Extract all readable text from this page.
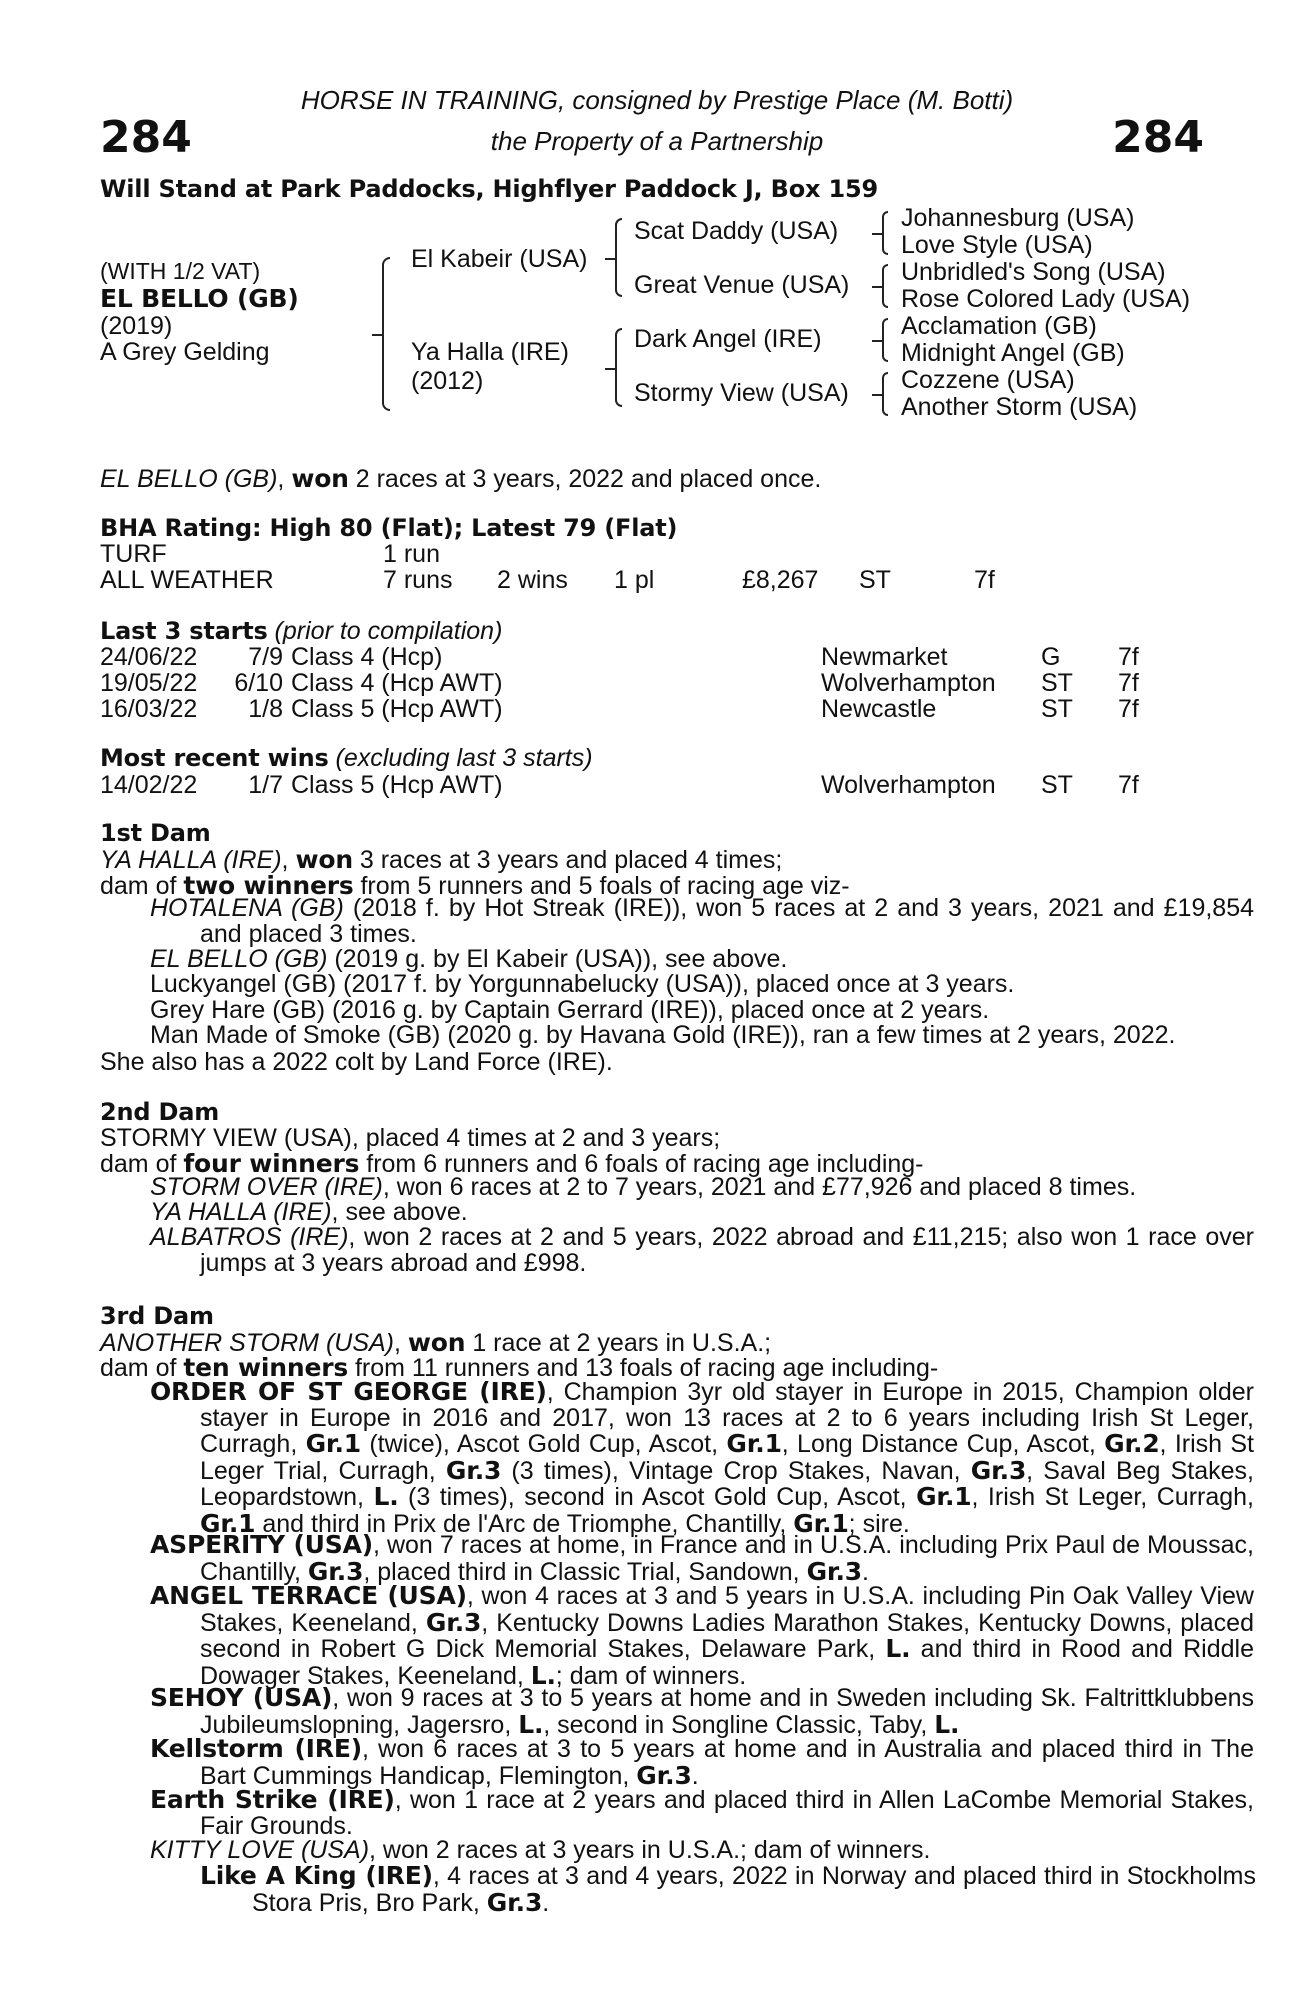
284	284
HORSE IN TRAINING, consigned by Prestige Place (M. Botti)
the Property of a Partnership
Will Stand at Park Paddocks, Highflyer Paddock J, Box 159
(WITH 1/2 VAT)
EL BELLO (GB)
(2019)
A Grey Gelding
El Kabeir (USA)
Ya Halla (IRE)
(2012)
Scat Daddy (USA)
Great Venue (USA)
Dark Angel (IRE)
Stormy View (USA)
Johannesburg (USA)
Love Style (USA)
Unbridled's Song (USA)
Rose Colored Lady (USA)
Acclamation (GB)
Midnight Angel (GB)
Cozzene (USA)
Another Storm (USA)
EL BELLO (GB), won 2 races at 3 years, 2022 and placed once.
BHA Rating: High 80 (Flat); Latest 79 (Flat)
TURF	1 run
ALL WEATHER	7 runs 2 wins 1 pl	£8,267 ST	7f
Last 3 starts (prior to compilation)
24/06/22	7/9 Class 4 (Hcp)	Newmarket	G 7f
19/05/22	6/10 Class 4 (Hcp AWT)	Wolverhampton ST 7f
16/03/22	1/8 Class 5 (Hcp AWT)	Newcastle	ST 7f
Most recent wins (excluding last 3 starts)
14/02/22	1/7 Class 5 (Hcp AWT)	Wolverhampton ST 7f
1st Dam
YA HALLA (IRE), won 3 races at 3 years and placed 4 times;
dam of two winners from 5 runners and 5 foals of racing age viz-

HOTALENA (GB) (2018 f. by Hot Streak (IRE)), won 5 races at 2 and 3 years, 2021 and £19,854 and placed 3 times.

EL BELLO (GB) (2019 g. by El Kabeir (USA)), see above.

Luckyangel (GB) (2017 f. by Yorgunnabelucky (USA)), placed once at 3 years.

Grey Hare (GB) (2016 g. by Captain Gerrard (IRE)), placed once at 2 years.

Man Made of Smoke (GB) (2020 g. by Havana Gold (IRE)), ran a few times at 2 years, 2022.

She also has a 2022 colt by Land Force (IRE).
2nd Dam
STORMY VIEW (USA), placed 4 times at 2 and 3 years;
dam of four winners from 6 runners and 6 foals of racing age including-

STORM OVER (IRE), won 6 races at 2 to 7 years, 2021 and £77,926 and placed 8 times.

YA HALLA (IRE), see above.

ALBATROS (IRE), won 2 races at 2 and 5 years, 2022 abroad and £11,215; also won 1 race over jumps at 3 years abroad and £998.

3rd Dam
ANOTHER STORM (USA), won 1 race at 2 years in U.S.A.;
dam of ten winners from 11 runners and 13 foals of racing age including-

ORDER OF ST GEORGE (IRE), Champion 3yr old stayer in Europe in 2015, Champion older stayer in Europe in 2016 and 2017, won 13 races at 2 to 6 years including Irish St Leger, Curragh, Gr.1 (twice), Ascot Gold Cup, Ascot, Gr.1, Long Distance Cup, Ascot, Gr.2, Irish St Leger Trial, Curragh, Gr.3 (3 times), Vintage Crop Stakes, Navan, Gr.3, Saval Beg Stakes, Leopardstown, L. (3 times), second in Ascot Gold Cup, Ascot, Gr.1, Irish St Leger, Curragh, Gr.1 and third in Prix de l'Arc de Triomphe, Chantilly, Gr.1; sire.

ASPERITY (USA), won 7 races at home, in France and in U.S.A. including Prix Paul de Moussac, Chantilly, Gr.3, placed third in Classic Trial, Sandown, Gr.3.

ANGEL TERRACE (USA), won 4 races at 3 and 5 years in U.S.A. including Pin Oak Valley View Stakes, Keeneland, Gr.3, Kentucky Downs Ladies Marathon Stakes, Kentucky Downs, placed second in Robert G Dick Memorial Stakes, Delaware Park, L. and third in Rood and Riddle Dowager Stakes, Keeneland, L.; dam of winners.

SEHOY (USA), won 9 races at 3 to 5 years at home and in Sweden including Sk. Faltrittklubbens Jubileumslopning, Jagersro, L., second in Songline Classic, Taby, L.

Kellstorm (IRE), won 6 races at 3 to 5 years at home and in Australia and placed third in The Bart Cummings Handicap, Flemington, Gr.3.

Earth Strike (IRE), won 1 race at 2 years and placed third in Allen LaCombe Memorial Stakes, Fair Grounds.

KITTY LOVE (USA), won 2 races at 3 years in U.S.A.; dam of winners.

Like A King (IRE), 4 races at 3 and 4 years, 2022 in Norway and placed third in Stockholms Stora Pris, Bro Park, Gr.3.
